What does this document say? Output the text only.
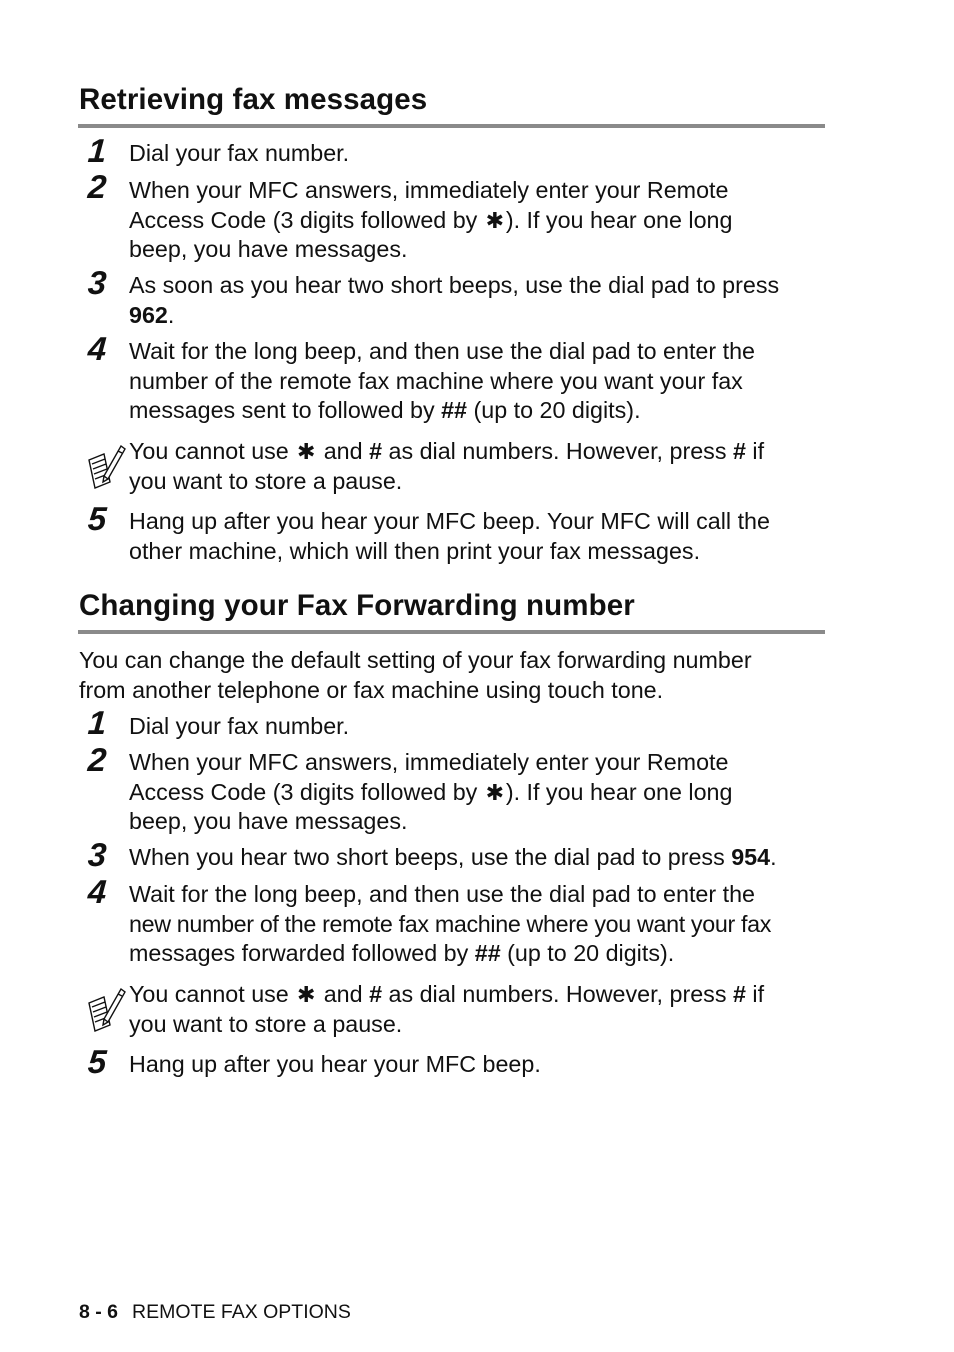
Retrieving fax messages
1 Dial your fax number.

2 When your MFC answers, immediately enter your Remote
Access Code (3 digits followed by ✱). If you hear one long
beep, you have messages.

3 As soon as you hear two short beeps, use the dial pad to press
962.

4 Wait for the long beep, and then use the dial pad to enter the
number of the remote fax machine where you want your fax
messages sent to followed by ## (up to 20 digits).

You cannot use ✱ and # as dial numbers. However, press # if
you want to store a pause.

5 Hang up after you hear your MFC beep. Your MFC will call the
other machine, which will then print your fax messages.

Changing your Fax Forwarding number

You can change the default setting of your fax forwarding number
from another telephone or fax machine using touch tone.

1 Dial your fax number.

2 When your MFC answers, immediately enter your Remote
Access Code (3 digits followed by ✱). If you hear one long
beep, you have messages.

3 When you hear two short beeps, use the dial pad to press 954.

4 Wait for the long beep, and then use the dial pad to enter the
new number of the remote fax machine where you want your fax
messages forwarded followed by ## (up to 20 digits).

You cannot use ✱ and # as dial numbers. However, press # if
you want to store a pause.

5 Hang up after you hear your MFC beep.

8 - 6 REMOTE FAX OPTIONS
